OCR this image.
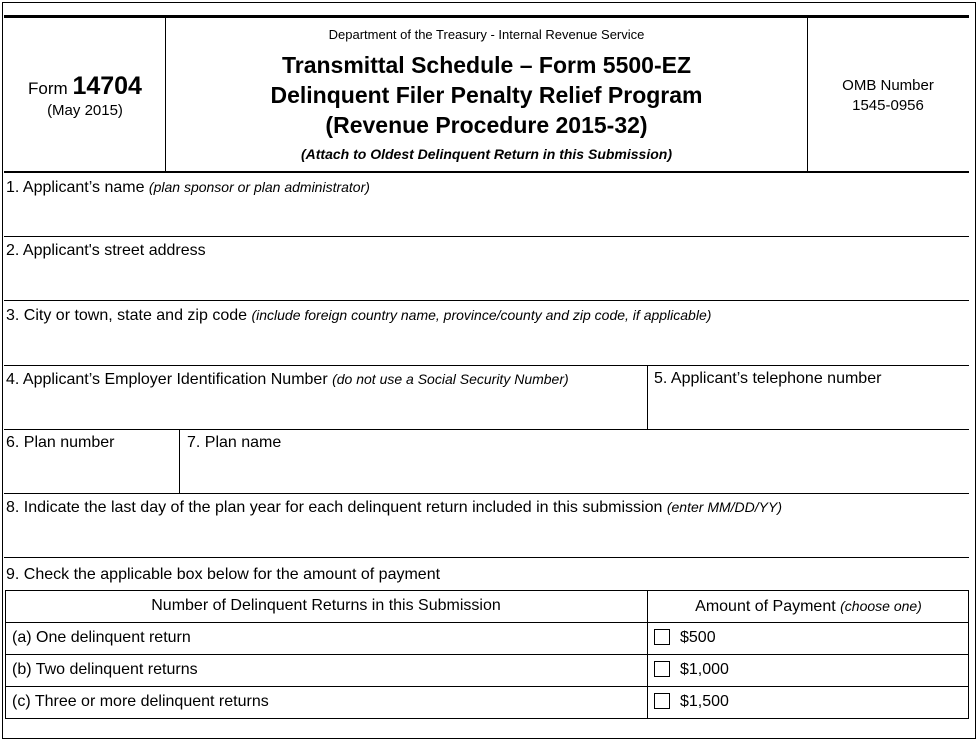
Form 14704
(May 2015)
Department of the Treasury - Internal Revenue Service
Transmittal Schedule – Form 5500-EZ
Delinquent Filer Penalty Relief Program
(Revenue Procedure 2015-32)
(Attach to Oldest Delinquent Return in this Submission)
OMB Number
1545-0956
1. Applicant’s name (plan sponsor or plan administrator)
2. Applicant's street address
3. City or town, state and zip code (include foreign country name, province/county and zip code, if applicable)
4. Applicant’s Employer Identification Number (do not use a Social Security Number)	5. Applicant’s telephone number
6. Plan number	7. Plan name
8. Indicate the last day of the plan year for each delinquent return included in this submission (enter MM/DD/YY)
9. Check the applicable box below for the amount of payment
Number of Delinquent Returns in this Submission	Amount of Payment (choose one)
(a) One delinquent return	$500
(b) Two delinquent returns	$1,000
(c) Three or more delinquent returns	$1,500
